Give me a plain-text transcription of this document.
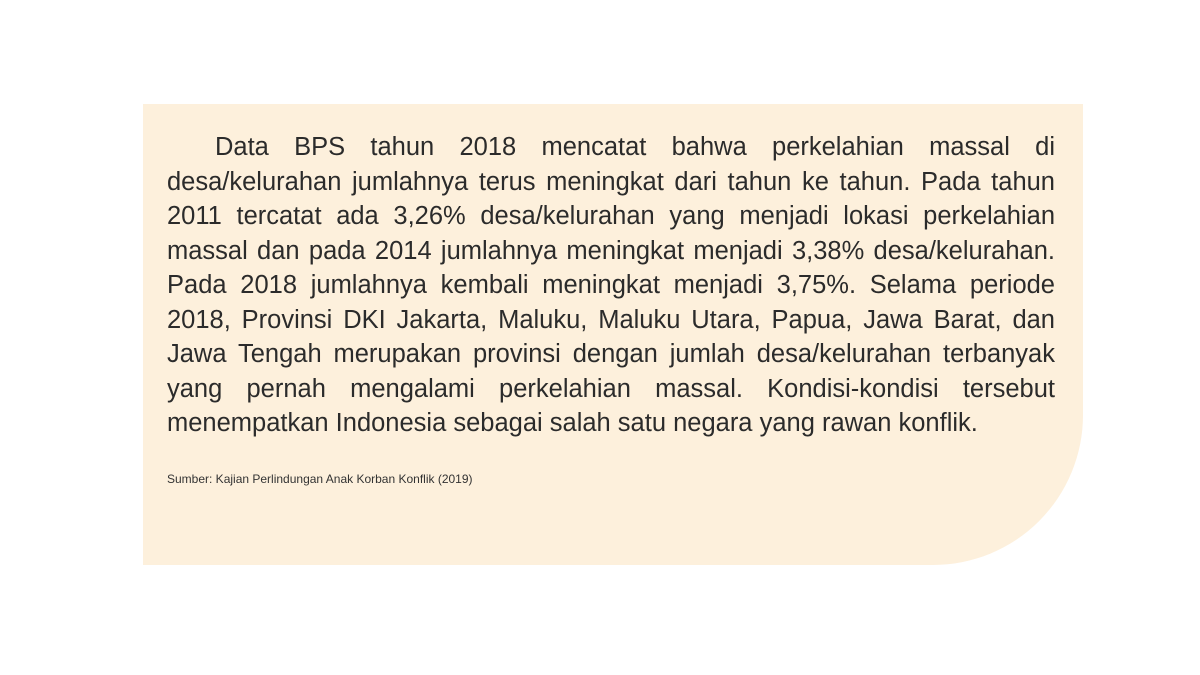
Data BPS tahun 2018 mencatat bahwa perkelahian massal di desa/kelurahan jumlahnya terus meningkat dari tahun ke tahun. Pada tahun 2011 tercatat ada 3,26% desa/kelurahan yang menjadi lokasi perkelahian massal dan pada 2014 jumlahnya meningkat menjadi 3,38% desa/kelurahan. Pada 2018 jumlahnya kembali meningkat menjadi 3,75%. Selama periode 2018, Provinsi DKI Jakarta, Maluku, Maluku Utara, Papua, Jawa Barat, dan Jawa Tengah merupakan provinsi dengan jumlah desa/kelurahan terbanyak yang pernah mengalami perkelahian massal. Kondisi-kondisi tersebut menempatkan Indonesia sebagai salah satu negara yang rawan konflik.

Sumber: Kajian Perlindungan Anak Korban Konflik (2019)
